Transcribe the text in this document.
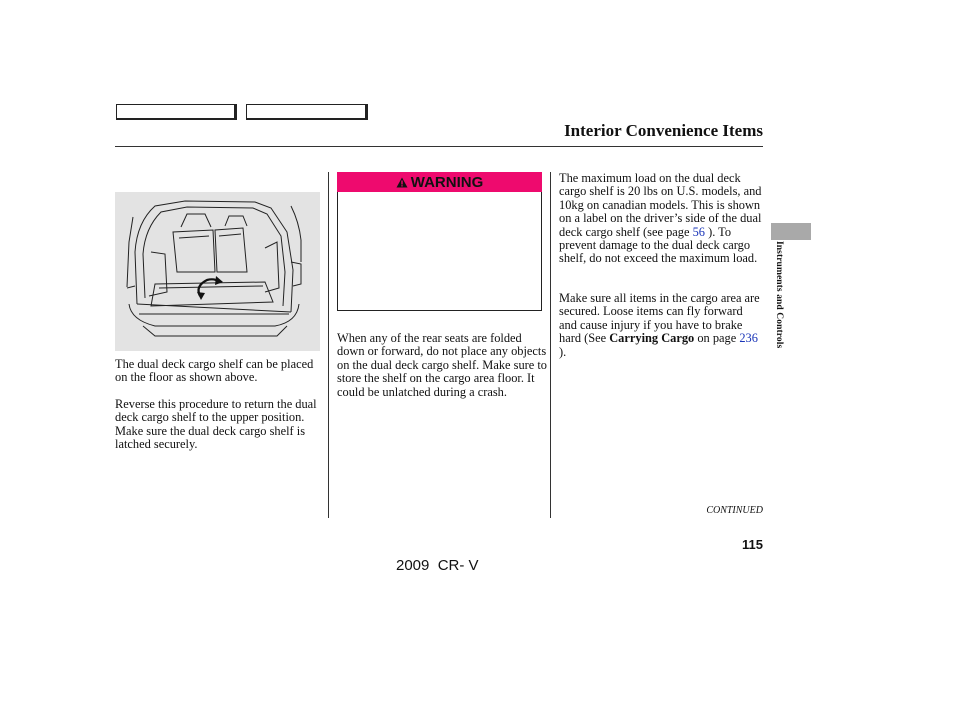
Interior Convenience Items

The dual deck cargo shelf can be placed on the floor as shown above.

Reverse this procedure to return the dual deck cargo shelf to the upper position. Make sure the dual deck cargo shelf is latched securely.

WARNING

When any of the rear seats are folded down or forward, do not place any objects on the dual deck cargo shelf. Make sure to store the shelf on the cargo area floor. It could be unlatched during a crash.

The maximum load on the dual deck cargo shelf is 20 lbs on U.S. models, and 10kg on canadian models. This is shown on a label on the driver’s side of the dual deck cargo shelf (see page 56 ). To prevent damage to the dual deck cargo shelf, do not exceed the maximum load.

Make sure all items in the cargo area are secured. Loose items can fly forward and cause injury if you have to brake hard (See Carrying Cargo on page 236 ).

Instruments and Controls
CONTINUED
115
2009  CR- V
